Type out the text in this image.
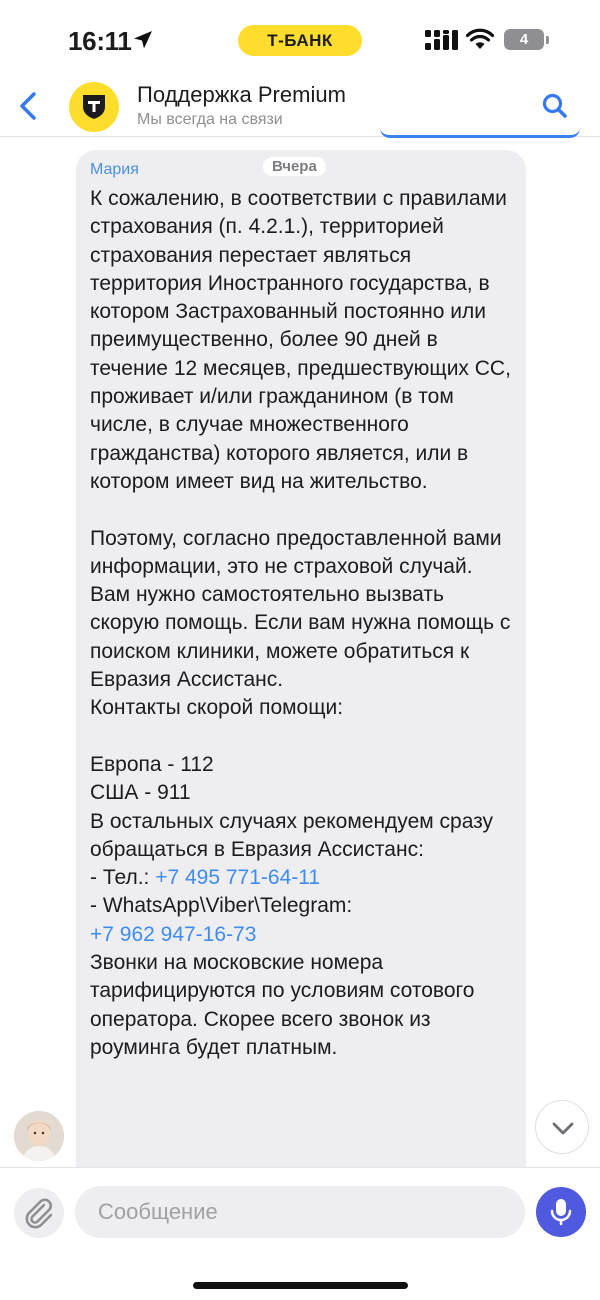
16:11	Т-БАНК	4
Поддержка Premium
Мы всегда на связи
Мария	Вчера
К сожалению, в соответствии с правилами страхования (п. 4.2.1.), территорией страхования перестает являться территория Иностранного государства, в котором Застрахованный постоянно или преимущественно, более 90 дней в течение 12 месяцев, предшествующих СС, проживает и/или гражданином (в том числе, в случае множественного гражданства) которого является, или в котором имеет вид на жительство.

Поэтому, согласно предоставленной вами информации, это не страховой случай. Вам нужно самостоятельно вызвать скорую помощь. Если вам нужна помощь с поиском клиники, можете обратиться к Евразия Ассистанс.
Контакты скорой помощи:

Европа - 112
США - 911
В остальных случаях рекомендуем сразу обращаться в Евразия Ассистанс:
- Тел.: +7 495 771-64-11
- WhatsApp\Viber\Telegram:
+7 962 947-16-73
Звонки на московские номера тарифицируются по условиям сотового оператора. Скорее всего звонок из роуминга будет платным.
Сообщение
